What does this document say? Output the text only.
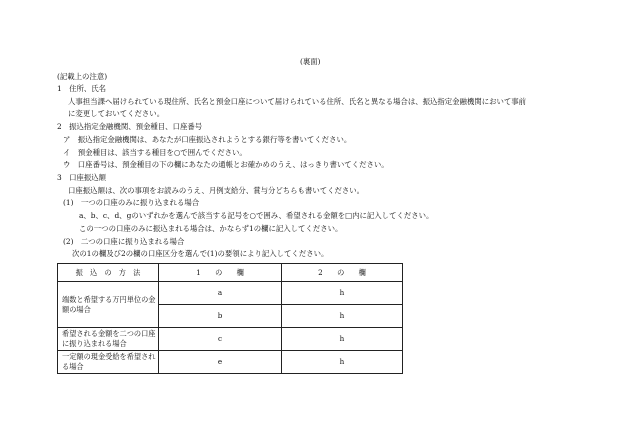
(裏面)
(記載上の注意)
1　住所、氏名
人事担当課へ届けられている現住所、氏名と預金口座について届けられている住所、氏名と異なる場合は、振込指定金融機関において事前
に変更しておいてください。
2　振込指定金融機関、預金種目、口座番号
ア　振込指定金融機関は、あなたが口座振込されようとする銀行等を書いてください。
イ　預金種目は、該当する種目を○で囲んでください。
ウ　口座番号は、預金種目の下の欄にあなたの通帳とお確かめのうえ、はっきり書いてください。
3　口座振込額
口座振込額は、次の事項をお読みのうえ、月例支給分、賞与分どちらも書いてください。
(1)　一つの口座のみに振り込まれる場合
a、b、c、d、gのいずれかを選んで該当する記号を○で囲み、希望される金額を□内に記入してください。
この一つの口座のみに振込まれる場合は、かならず1の欄に記入してください。
(2)　二つの口座に振り込まれる場合
次の1の欄及び2の欄の口座区分を選んで(1)の要領により記入してください。
振　込　の　方　法	1　　の　　欄	2　　の　　欄
端数と希望する万円単位の金額の場合	a	h
	b	h
希望される金額を二つの口座に振り込まれる場合	c	h
一定額の現金受給を希望される場合	e	h
